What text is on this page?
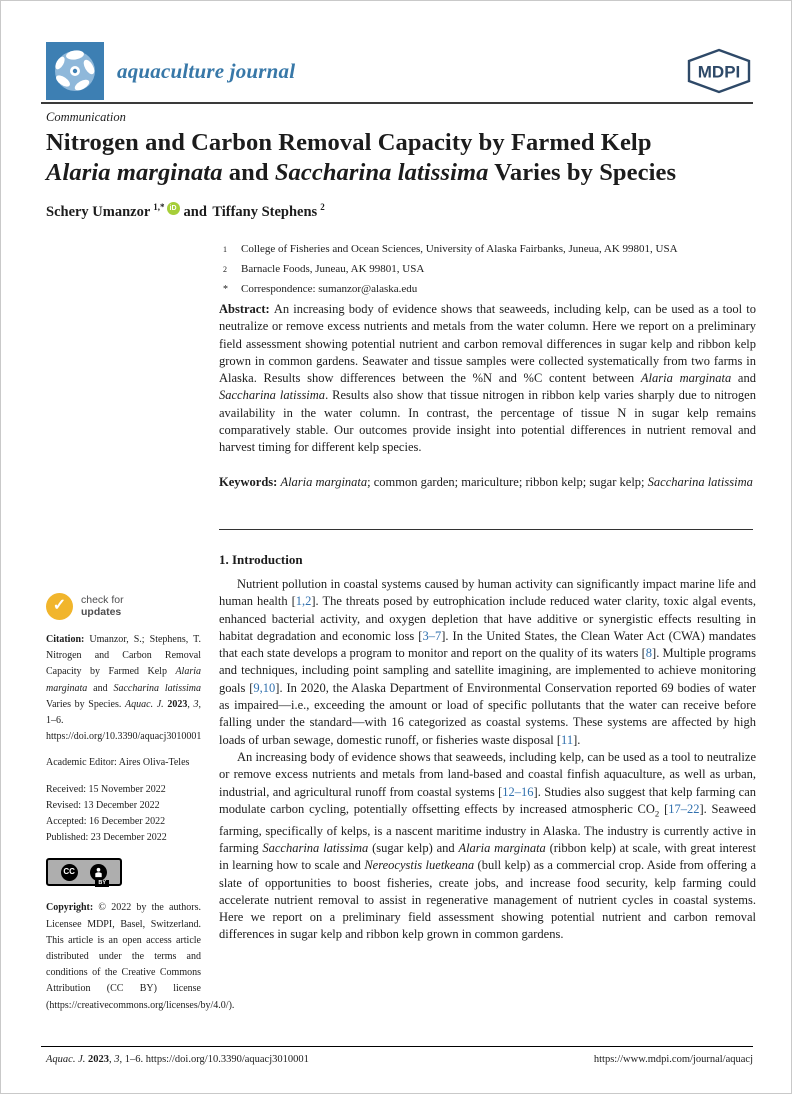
aquaculture journal	MDPI
Communication
Nitrogen and Carbon Removal Capacity by Farmed Kelp
Alaria marginata and Saccharina latissima Varies by Species
Schery Umanzor $^{1,*}$ iD and Tiffany Stephens $^2$
$^1$	College of Fisheries and Ocean Sciences, University of Alaska Fairbanks, Juneua, AK 99801, USA
$^2$	Barnacle Foods, Juneau, AK 99801, USA
*	Correspondence: sumanzor@alaska.edu
Abstract: An increasing body of evidence shows that seaweeds, including kelp, can be used as a tool to neutralize or remove excess nutrients and metals from the water column. Here we report on a preliminary field assessment showing potential nutrient and carbon removal differences in sugar kelp and ribbon kelp grown in common gardens. Seawater and tissue samples were collected systematically from two farms in Alaska. Results show differences between the %N and %C content between Alaria marginata and Saccharina latissima. Results also show that tissue nitrogen in ribbon kelp varies sharply due to nitrogen availability in the water column. In contrast, the percentage of tissue N in sugar kelp remains comparatively stable. Our outcomes provide insight into potential differences in nutrient removal and harvest timing for different kelp species.
Keywords: Alaria marginata; common garden; mariculture; ribbon kelp; sugar kelp; Saccharina latissima
1. Introduction

Nutrient pollution in coastal systems caused by human activity can significantly impact marine life and human health [1,2]. The threats posed by eutrophication include reduced water clarity, toxic algal events, enhanced bacterial activity, and oxygen depletion that have additive or synergistic effects resulting in habitat degradation and economic loss [3–7]. In the United States, the Clean Water Act (CWA) mandates that each state develops a program to monitor and report on the quality of its waters [8]. Multiple programs and techniques, including point sampling and satellite imagining, are implemented to achieve monitoring goals [9,10]. In 2020, the Alaska Department of Environmental Conservation reported 69 bodies of water as impaired—i.e., exceeding the amount or load of specific pollutants that the water can receive before falling under the standard—with 16 categorized as coastal systems. These systems are affected by high loads of urban sewage, domestic runoff, or fisheries waste disposal [11].

An increasing body of evidence shows that seaweeds, including kelp, can be used as a tool to neutralize or remove excess nutrients and metals from land-based and coastal finfish aquaculture, as well as urban, industrial, and agricultural runoff from coastal systems [12–16]. Studies also suggest that kelp farming can modulate carbon cycling, potentially offsetting effects by increased atmospheric $CO_2$ [17–22]. Seaweed farming, specifically of kelps, is a nascent maritime industry in Alaska. The industry is currently active in farming Saccharina latissima (sugar kelp) and Alaria marginata (ribbon kelp) at scale, with great interest in learning how to scale and Nereocystis luetkeana (bull kelp) as a commercial crop. Aside from offering a slate of opportunities to boost fisheries, create jobs, and increase food security, kelp farming could accelerate nutrient removal to assist in regenerative management of nutrient cycles in coastal systems. Here we report on a preliminary field assessment showing potential nutrient and carbon removal differences in sugar kelp and ribbon kelp grown in common gardens.

✓	check for
updates
Citation: Umanzor, S.; Stephens, T. Nitrogen and Carbon Removal Capacity by Farmed Kelp Alaria marginata and Saccharina latissima Varies by Species. Aquac. J. 2023, 3, 1–6. https://doi.org/10.3390/aquacj3010001
Academic Editor: Aires Oliva-Teles
Received: 15 November 2022
Revised: 13 December 2022
Accepted: 16 December 2022
Published: 23 December 2022
CC
BY
Copyright: © 2022 by the authors. Licensee MDPI, Basel, Switzerland. This article is an open access article distributed under the terms and conditions of the Creative Commons Attribution (CC BY) license (https://creativecommons.org/licenses/by/4.0/).
Aquac. J. 2023, 3, 1–6. https://doi.org/10.3390/aquacj3010001	https://www.mdpi.com/journal/aquacj
